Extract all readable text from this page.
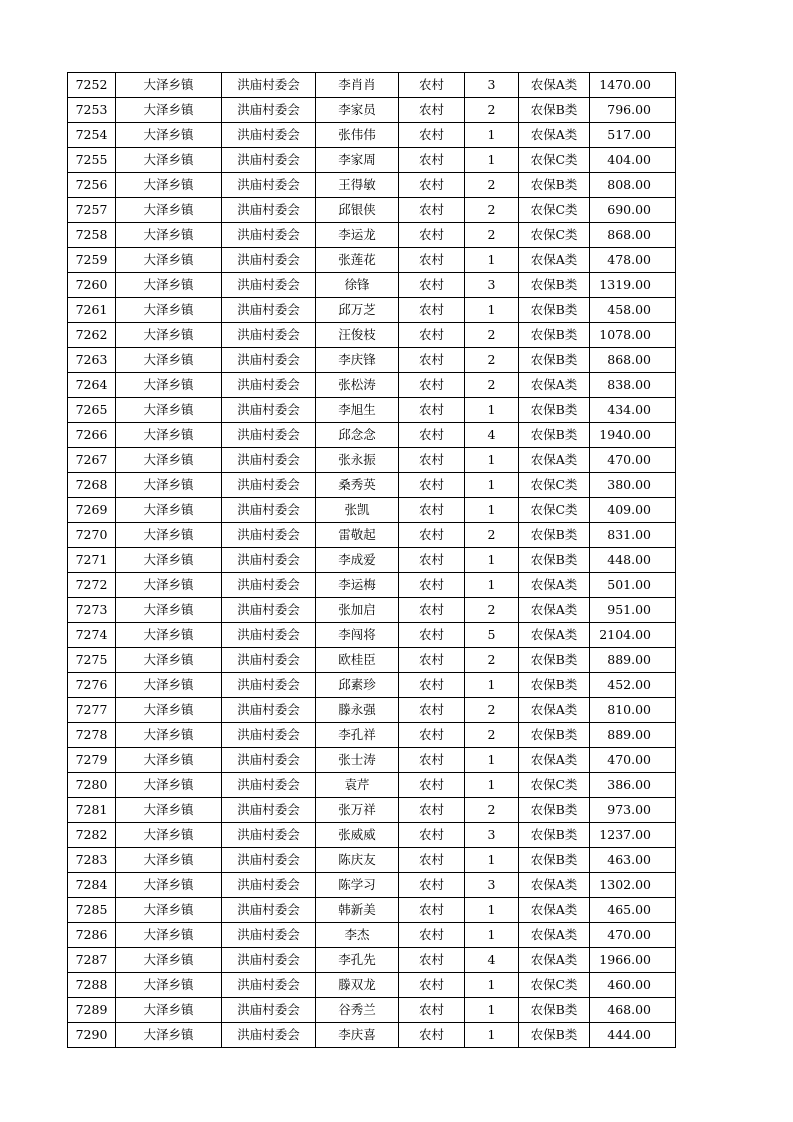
7252	大泽乡镇	洪庙村委会	李肖肖	农村	3	农保A类	1470.00
7253	大泽乡镇	洪庙村委会	李家员	农村	2	农保B类	796.00
7254	大泽乡镇	洪庙村委会	张伟伟	农村	1	农保A类	517.00
7255	大泽乡镇	洪庙村委会	李家周	农村	1	农保C类	404.00
7256	大泽乡镇	洪庙村委会	王得敏	农村	2	农保B类	808.00
7257	大泽乡镇	洪庙村委会	邱银侠	农村	2	农保C类	690.00
7258	大泽乡镇	洪庙村委会	李运龙	农村	2	农保C类	868.00
7259	大泽乡镇	洪庙村委会	张莲花	农村	1	农保A类	478.00
7260	大泽乡镇	洪庙村委会	徐锋	农村	3	农保B类	1319.00
7261	大泽乡镇	洪庙村委会	邱万芝	农村	1	农保B类	458.00
7262	大泽乡镇	洪庙村委会	汪俊枝	农村	2	农保B类	1078.00
7263	大泽乡镇	洪庙村委会	李庆锋	农村	2	农保B类	868.00
7264	大泽乡镇	洪庙村委会	张松涛	农村	2	农保A类	838.00
7265	大泽乡镇	洪庙村委会	李旭生	农村	1	农保B类	434.00
7266	大泽乡镇	洪庙村委会	邱念念	农村	4	农保B类	1940.00
7267	大泽乡镇	洪庙村委会	张永振	农村	1	农保A类	470.00
7268	大泽乡镇	洪庙村委会	桑秀英	农村	1	农保C类	380.00
7269	大泽乡镇	洪庙村委会	张凯	农村	1	农保C类	409.00
7270	大泽乡镇	洪庙村委会	雷敬起	农村	2	农保B类	831.00
7271	大泽乡镇	洪庙村委会	李成爱	农村	1	农保B类	448.00
7272	大泽乡镇	洪庙村委会	李运梅	农村	1	农保A类	501.00
7273	大泽乡镇	洪庙村委会	张加启	农村	2	农保A类	951.00
7274	大泽乡镇	洪庙村委会	李闯将	农村	5	农保A类	2104.00
7275	大泽乡镇	洪庙村委会	欧桂臣	农村	2	农保B类	889.00
7276	大泽乡镇	洪庙村委会	邱素珍	农村	1	农保B类	452.00
7277	大泽乡镇	洪庙村委会	滕永强	农村	2	农保A类	810.00
7278	大泽乡镇	洪庙村委会	李孔祥	农村	2	农保B类	889.00
7279	大泽乡镇	洪庙村委会	张士涛	农村	1	农保A类	470.00
7280	大泽乡镇	洪庙村委会	袁芹	农村	1	农保C类	386.00
7281	大泽乡镇	洪庙村委会	张万祥	农村	2	农保B类	973.00
7282	大泽乡镇	洪庙村委会	张威威	农村	3	农保B类	1237.00
7283	大泽乡镇	洪庙村委会	陈庆友	农村	1	农保B类	463.00
7284	大泽乡镇	洪庙村委会	陈学习	农村	3	农保A类	1302.00
7285	大泽乡镇	洪庙村委会	韩新美	农村	1	农保A类	465.00
7286	大泽乡镇	洪庙村委会	李杰	农村	1	农保A类	470.00
7287	大泽乡镇	洪庙村委会	李孔先	农村	4	农保A类	1966.00
7288	大泽乡镇	洪庙村委会	滕双龙	农村	1	农保C类	460.00
7289	大泽乡镇	洪庙村委会	谷秀兰	农村	1	农保B类	468.00
7290	大泽乡镇	洪庙村委会	李庆喜	农村	1	农保B类	444.00
